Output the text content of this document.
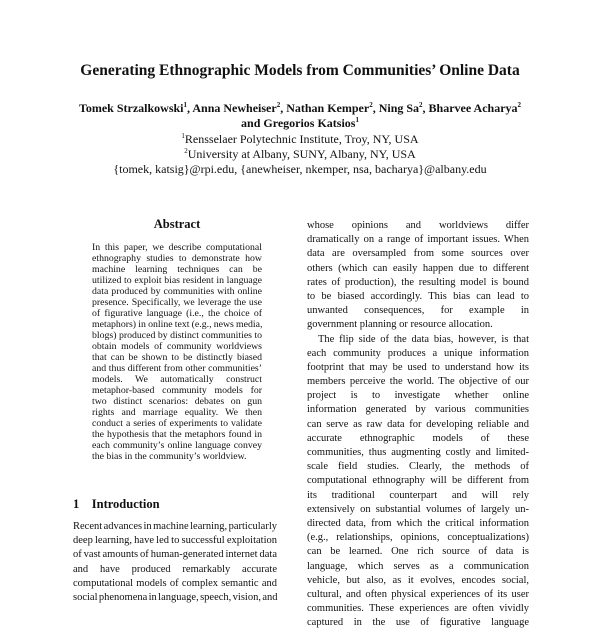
Generating Ethnographic Models from Communities’ Online Data
Tomek Strzalkowski$^1$, Anna Newheiser$^2$, Nathan Kemper$^2$, Ning Sa$^2$, Bharvee Acharya$^2$
and Gregorios Katsios$^1$
$^1$Rensselaer Polytechnic Institute, Troy, NY, USA
$^2$University at Albany, SUNY, Albany, NY, USA
{tomek, katsig}@rpi.edu, {anewheiser, nkemper, nsa, bacharya}@albany.edu
Abstract
In this paper, we describe computational
ethnography studies to demonstrate how
machine learning techniques can be
utilized to exploit bias resident in language
data produced by communities with online
presence. Specifically, we leverage the use
of figurative language (i.e., the choice of
metaphors) in online text (e.g., news media,
blogs) produced by distinct communities to
obtain models of community worldviews
that can be shown to be distinctly biased
and thus different from other communities’
models. We automatically construct
metaphor-based community models for
two distinct scenarios: debates on gun
rights and marriage equality. We then
conduct a series of experiments to validate
the hypothesis that the metaphors found in
each community’s online language convey
the bias in the community’s worldview.
1 Introduction
Recent advances in machine learning, particularly
deep learning, have led to successful exploitation
of vast amounts of human-generated internet data
and have produced remarkably accurate
computational models of complex semantic and
social phenomena in language, speech, vision, and
whose opinions and worldviews differ
dramatically on a range of important issues. When
data are oversampled from some sources over
others (which can easily happen due to different
rates of production), the resulting model is bound
to be biased accordingly. This bias can lead to
unwanted consequences, for example in
government planning or resource allocation.
The flip side of the data bias, however, is that
each community produces a unique information
footprint that may be used to understand how its
members perceive the world. The objective of our
project is to investigate whether online
information generated by various communities
can serve as raw data for developing reliable and
accurate ethnographic models of these
communities, thus augmenting costly and limited-
scale field studies. Clearly, the methods of
computational ethnography will be different from
its traditional counterpart and will rely
extensively on substantial volumes of largely un-
directed data, from which the critical information
(e.g., relationships, opinions, conceptualizations)
can be learned. One rich source of data is
language, which serves as a communication
vehicle, but also, as it evolves, encodes social,
cultural, and often physical experiences of its user
communities. These experiences are often vividly
captured in the use of figurative language
